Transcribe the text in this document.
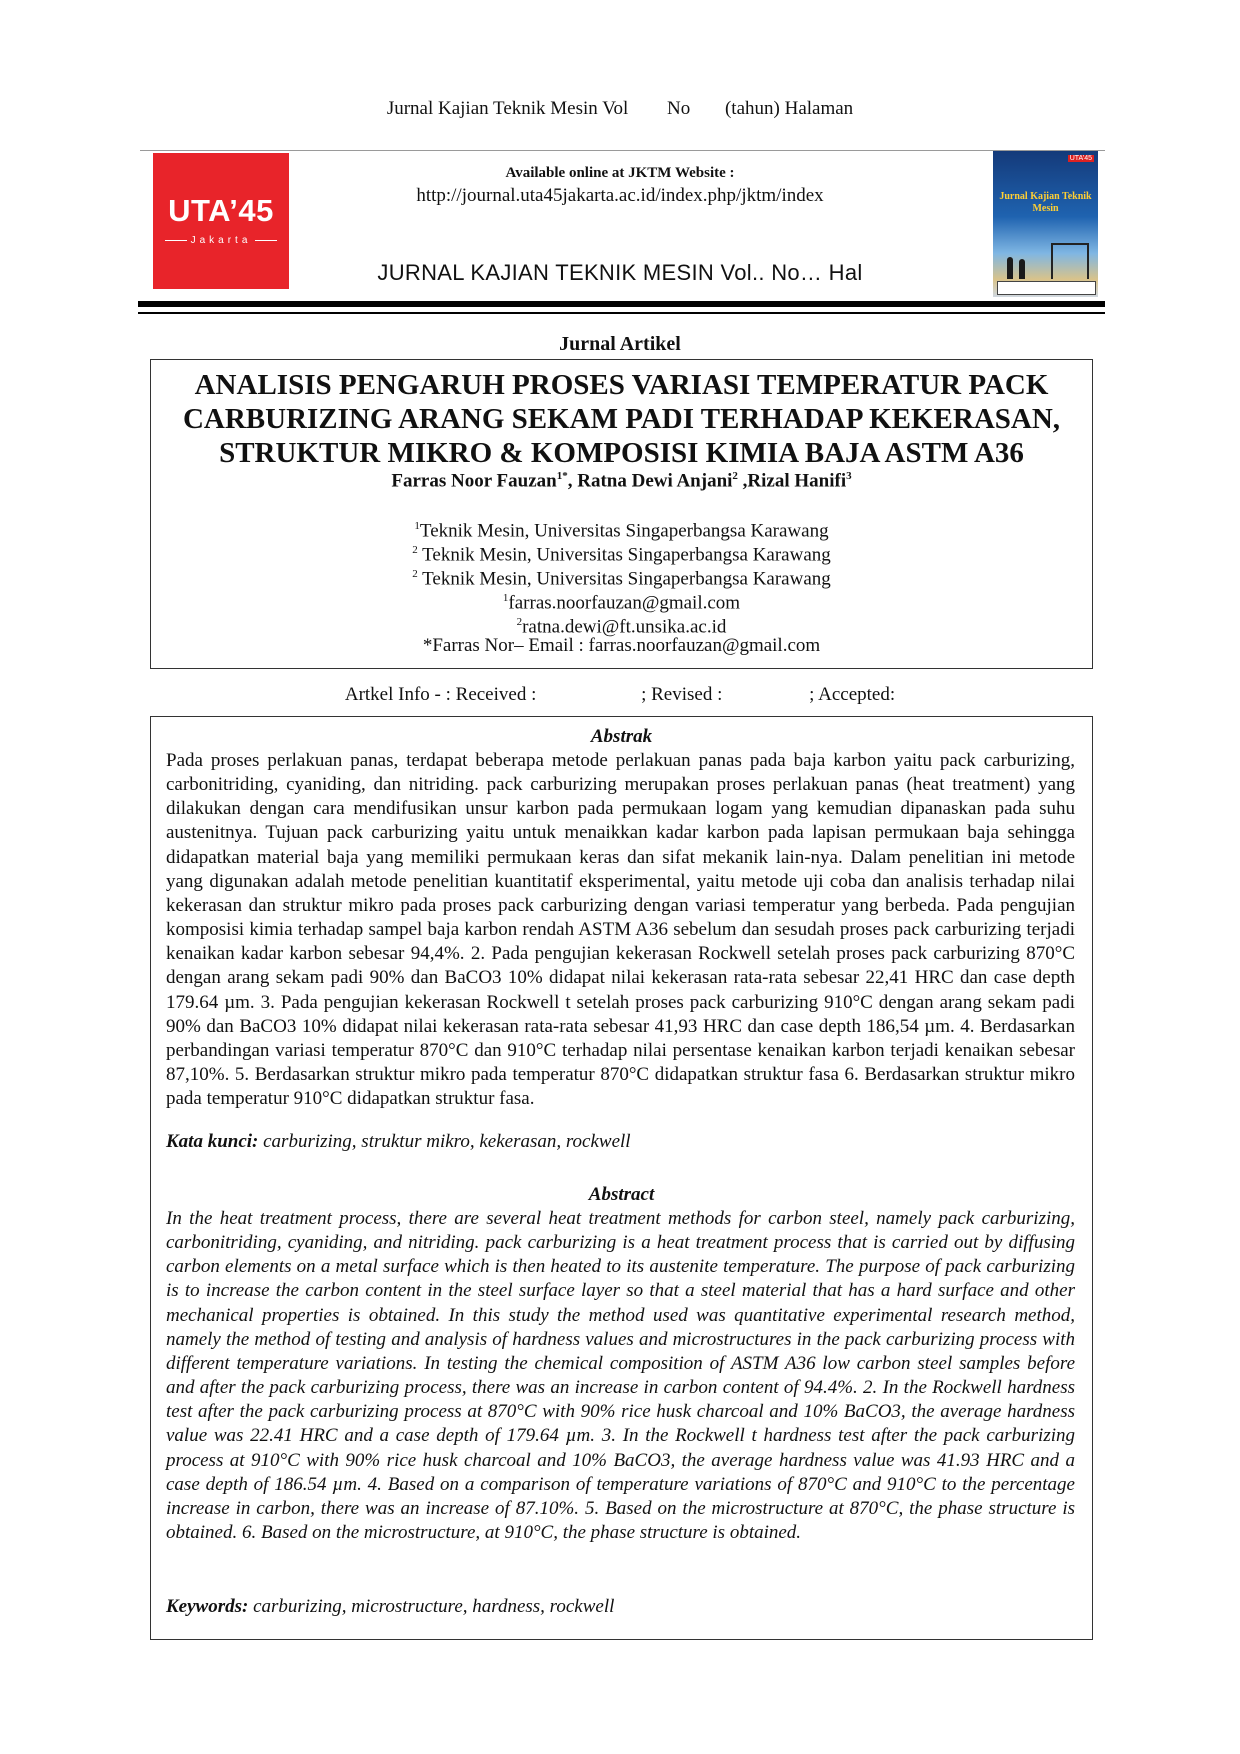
Jurnal Kajian Teknik Mesin Vol No (tahun) Halaman
UTA’45
Jakarta
Available online at JKTM Website :
http://journal.uta45jakarta.ac.id/index.php/jktm/index
JURNAL KAJIAN TEKNIK MESIN Vol.. No… Hal
UTA’45
Jurnal Kajian Teknik Mesin
Jurnal Artikel
ANALISIS PENGARUH PROSES VARIASI TEMPERATUR PACK
CARBURIZING ARANG SEKAM PADI TERHADAP KEKERASAN,
STRUKTUR MIKRO & KOMPOSISI KIMIA BAJA ASTM A36
Farras Noor Fauzan$^{1*}$, Ratna Dewi Anjani$^2$ ,Rizal Hanifi$^3$
$^1$Teknik Mesin, Universitas Singaperbangsa Karawang
$^2$ Teknik Mesin, Universitas Singaperbangsa Karawang
$^2$ Teknik Mesin, Universitas Singaperbangsa Karawang
$^1$farras.noorfauzan@gmail.com
$^2$ratna.dewi@ft.unsika.ac.id
*Farras Nor– Email : farras.noorfauzan@gmail.com
Artkel Info - : Received :	; Revised :	; Accepted:
Abstrak

Pada proses perlakuan panas, terdapat beberapa metode perlakuan panas pada baja karbon yaitu pack carburizing, carbonitriding, cyaniding, dan nitriding. pack carburizing merupakan proses perlakuan panas (heat treatment) yang dilakukan dengan cara mendifusikan unsur karbon pada permukaan logam yang kemudian dipanaskan pada suhu austenitnya. Tujuan pack carburizing yaitu untuk menaikkan kadar karbon pada lapisan permukaan baja sehingga didapatkan material baja yang memiliki permukaan keras dan sifat mekanik lain-nya. Dalam penelitian ini metode yang digunakan adalah metode penelitian kuantitatif eksperimental, yaitu metode uji coba dan analisis terhadap nilai kekerasan dan struktur mikro pada proses pack carburizing dengan variasi temperatur yang berbeda. Pada pengujian komposisi kimia terhadap sampel baja karbon rendah ASTM A36 sebelum dan sesudah proses pack carburizing terjadi kenaikan kadar karbon sebesar 94,4%. 2. Pada pengujian kekerasan Rockwell setelah proses pack carburizing 870°C dengan arang sekam padi 90% dan BaCO3 10% didapat nilai kekerasan rata-rata sebesar 22,41 HRC dan case depth 179.64 µm. 3. Pada pengujian kekerasan Rockwell t setelah proses pack carburizing 910°C dengan arang sekam padi 90% dan BaCO3 10% didapat nilai kekerasan rata-rata sebesar 41,93 HRC dan case depth 186,54 µm. 4. Berdasarkan perbandingan variasi temperatur 870°C dan 910°C terhadap nilai persentase kenaikan karbon terjadi kenaikan sebesar 87,10%. 5. Berdasarkan struktur mikro pada temperatur 870°C didapatkan struktur fasa 6. Berdasarkan struktur mikro pada temperatur 910°C didapatkan struktur fasa.

Kata kunci: carburizing, struktur mikro, kekerasan, rockwell
Abstract

In the heat treatment process, there are several heat treatment methods for carbon steel, namely pack carburizing, carbonitriding, cyaniding, and nitriding. pack carburizing is a heat treatment process that is carried out by diffusing carbon elements on a metal surface which is then heated to its austenite temperature. The purpose of pack carburizing is to increase the carbon content in the steel surface layer so that a steel material that has a hard surface and other mechanical properties is obtained. In this study the method used was quantitative experimental research method, namely the method of testing and analysis of hardness values and microstructures in the pack carburizing process with different temperature variations. In testing the chemical composition of ASTM A36 low carbon steel samples before and after the pack carburizing process, there was an increase in carbon content of 94.4%. 2. In the Rockwell hardness test after the pack carburizing process at 870°C with 90% rice husk charcoal and 10% BaCO3, the average hardness value was 22.41 HRC and a case depth of 179.64 µm. 3. In the Rockwell t hardness test after the pack carburizing process at 910°C with 90% rice husk charcoal and 10% BaCO3, the average hardness value was 41.93 HRC and a case depth of 186.54 µm. 4. Based on a comparison of temperature variations of 870°C and 910°C to the percentage increase in carbon, there was an increase of 87.10%. 5. Based on the microstructure at 870°C, the phase structure is obtained. 6. Based on the microstructure, at 910°C, the phase structure is obtained.

Keywords: carburizing, microstructure, hardness, rockwell
